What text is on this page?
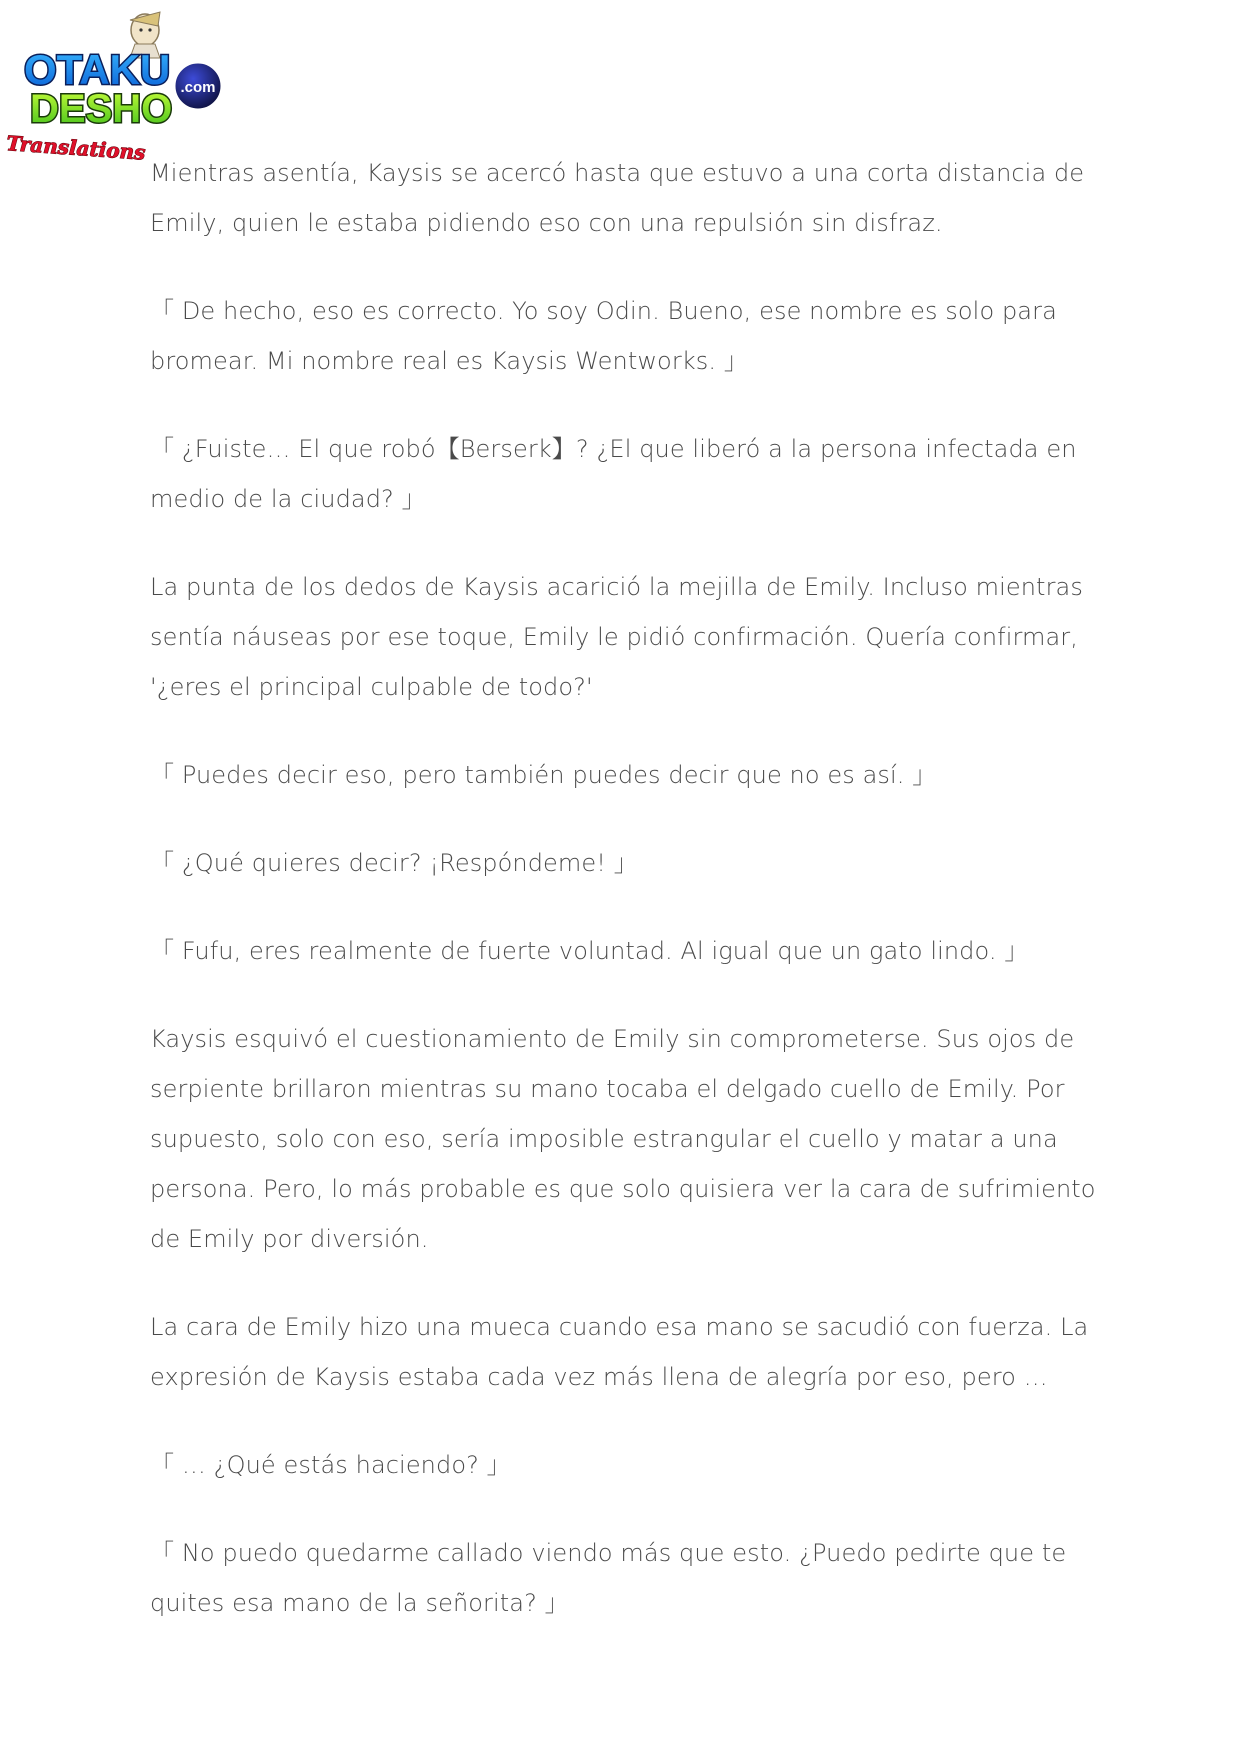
.com
OTAKU
DESHO
Translations

Mientras asentía, Kaysis se acercó hasta que estuvo a una corta distancia de Emily, quien le estaba pidiendo eso con una repulsión sin disfraz.

「 De hecho, eso es correcto. Yo soy Odin. Bueno, ese nombre es solo para bromear. Mi nombre real es Kaysis Wentworks. 」

「 ¿Fuiste… El que robó【Berserk】? ¿El que liberó a la persona infectada en medio de la ciudad? 」

La punta de los dedos de Kaysis acarició la mejilla de Emily. Incluso mientras sentía náuseas por ese toque, Emily le pidió confirmación. Quería confirmar, '¿eres el principal culpable de todo?'

「 Puedes decir eso, pero también puedes decir que no es así. 」

「 ¿Qué quieres decir? ¡Respóndeme! 」

「 Fufu, eres realmente de fuerte voluntad. Al igual que un gato lindo. 」

Kaysis esquivó el cuestionamiento de Emily sin comprometerse. Sus ojos de serpiente brillaron mientras su mano tocaba el delgado cuello de Emily. Por supuesto, solo con eso, sería imposible estrangular el cuello y matar a una persona. Pero, lo más probable es que solo quisiera ver la cara de sufrimiento de Emily por diversión.

La cara de Emily hizo una mueca cuando esa mano se sacudió con fuerza. La expresión de Kaysis estaba cada vez más llena de alegría por eso, pero …

「 … ¿Qué estás haciendo? 」

「 No puedo quedarme callado viendo más que esto. ¿Puedo pedirte que te quites esa mano de la señorita? 」
